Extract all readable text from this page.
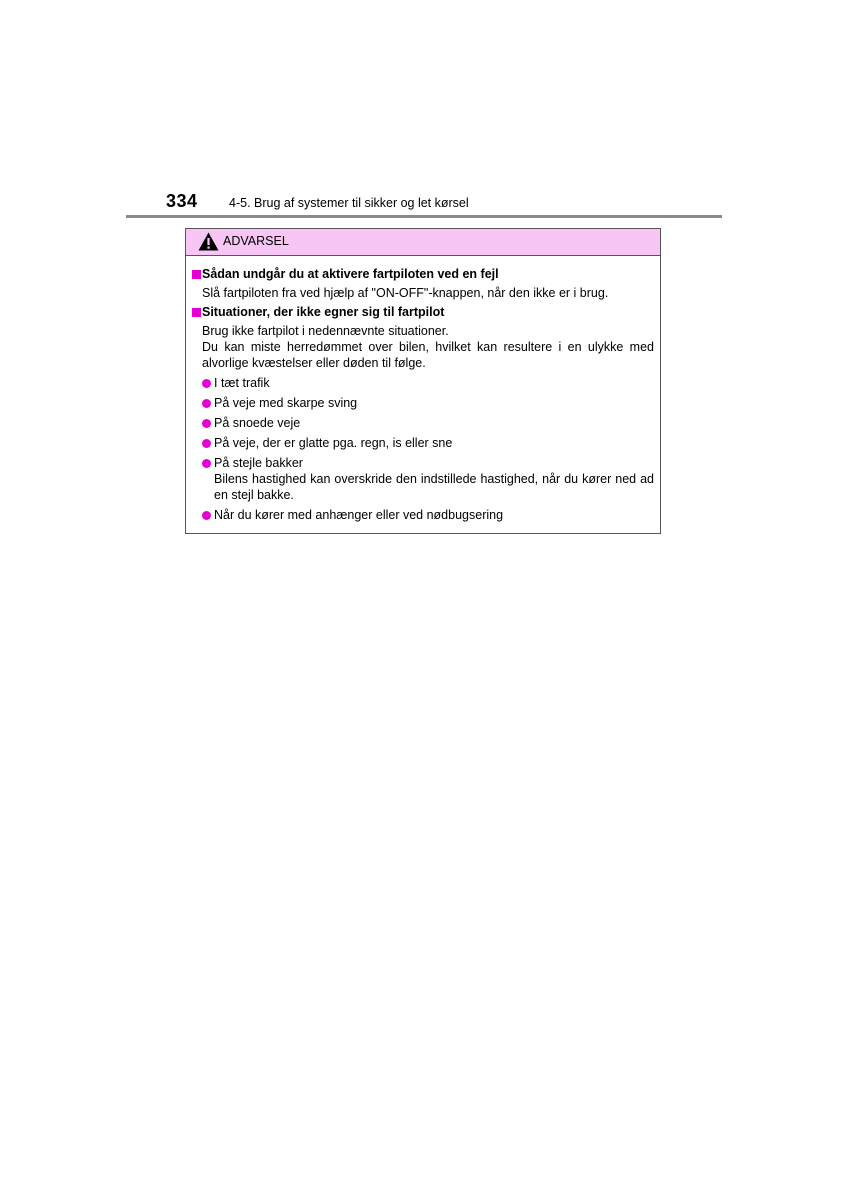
334	4-5. Brug af systemer til sikker og let kørsel
ADVARSEL
Sådan undgår du at aktivere fartpiloten ved en fejl
Slå fartpiloten fra ved hjælp af "ON-OFF"-knappen, når den ikke er i brug.
Situationer, der ikke egner sig til fartpilot
Brug ikke fartpilot i nedennævnte situationer.
Du kan miste herredømmet over bilen, hvilket kan resultere i en ulykke med alvorlige kvæstelser eller døden til følge.
I tæt trafik
På veje med skarpe sving
På snoede veje
På veje, der er glatte pga. regn, is eller sne
På stejle bakker
Bilens hastighed kan overskride den indstillede hastighed, når du kører ned ad en stejl bakke.
Når du kører med anhænger eller ved nødbugsering
